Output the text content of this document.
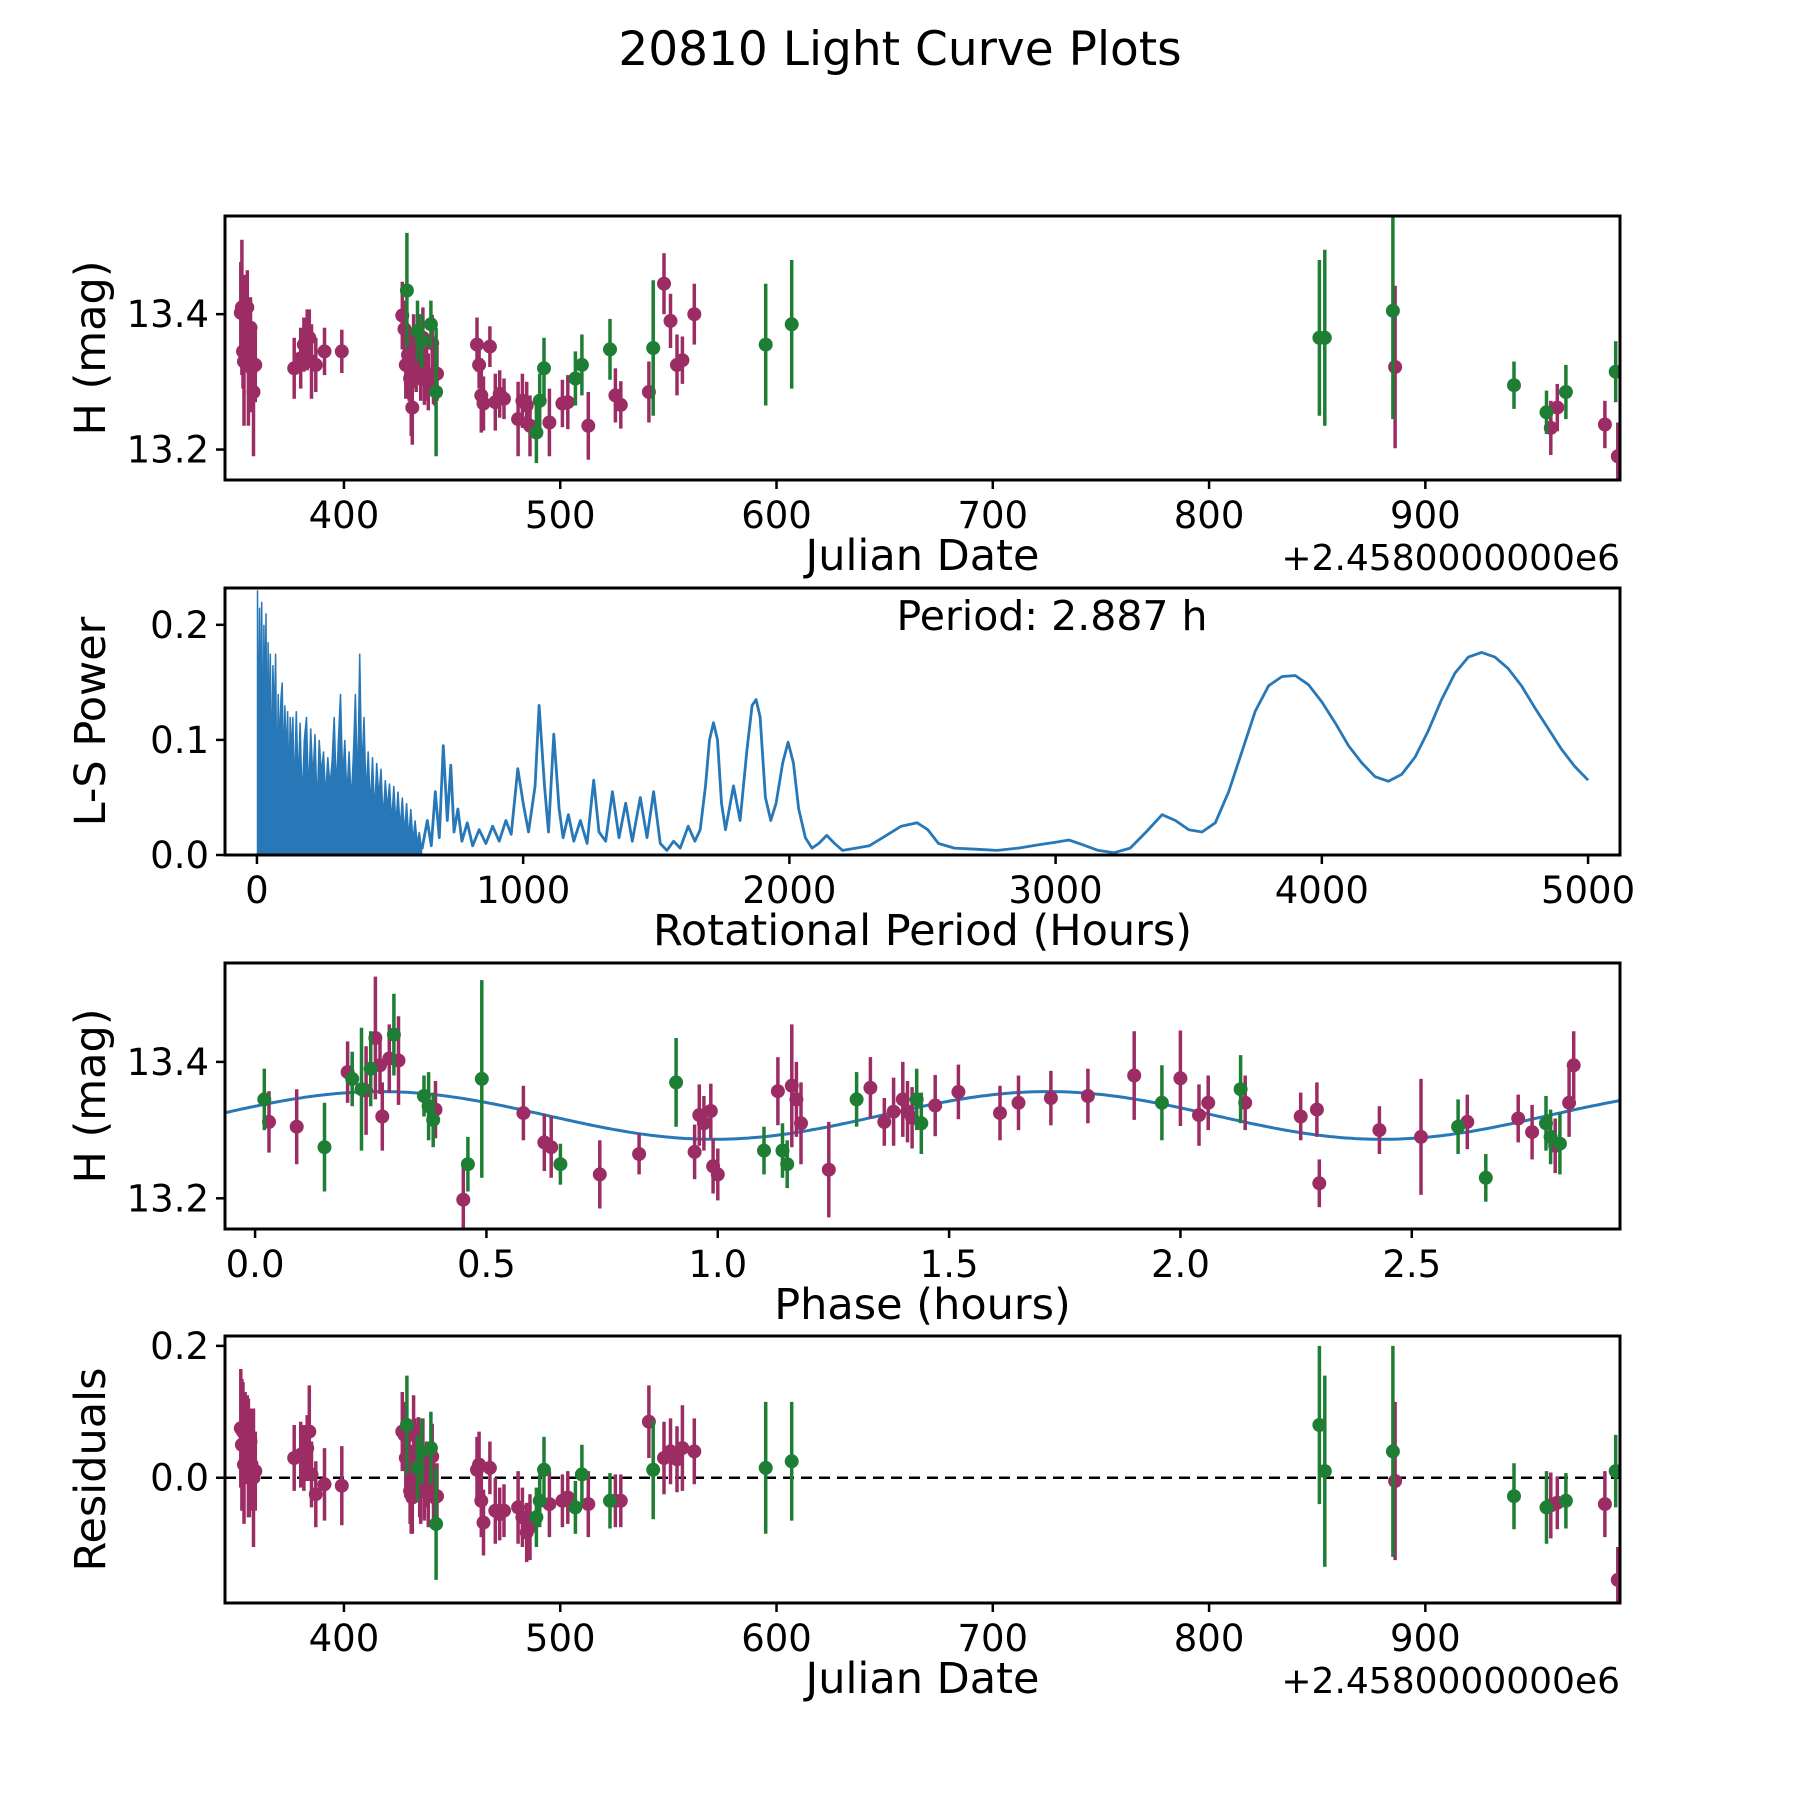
20810 Light Curve Plots
400	500	600	700	800	900
13.2
13.4
Julian Date	+2.4580000000e6
H (mag)
Period: 2.887 h
0	1000	2000	3000	4000	5000
0.0
0.1
0.2
Rotational Period (Hours)
L-S Power
0.0	0.5	1.0	1.5	2.0	2.5
13.2
13.4
Phase (hours)
H (mag)
400	500	600	700	800	900
0.0
0.2
Julian Date	+2.4580000000e6
Residuals
